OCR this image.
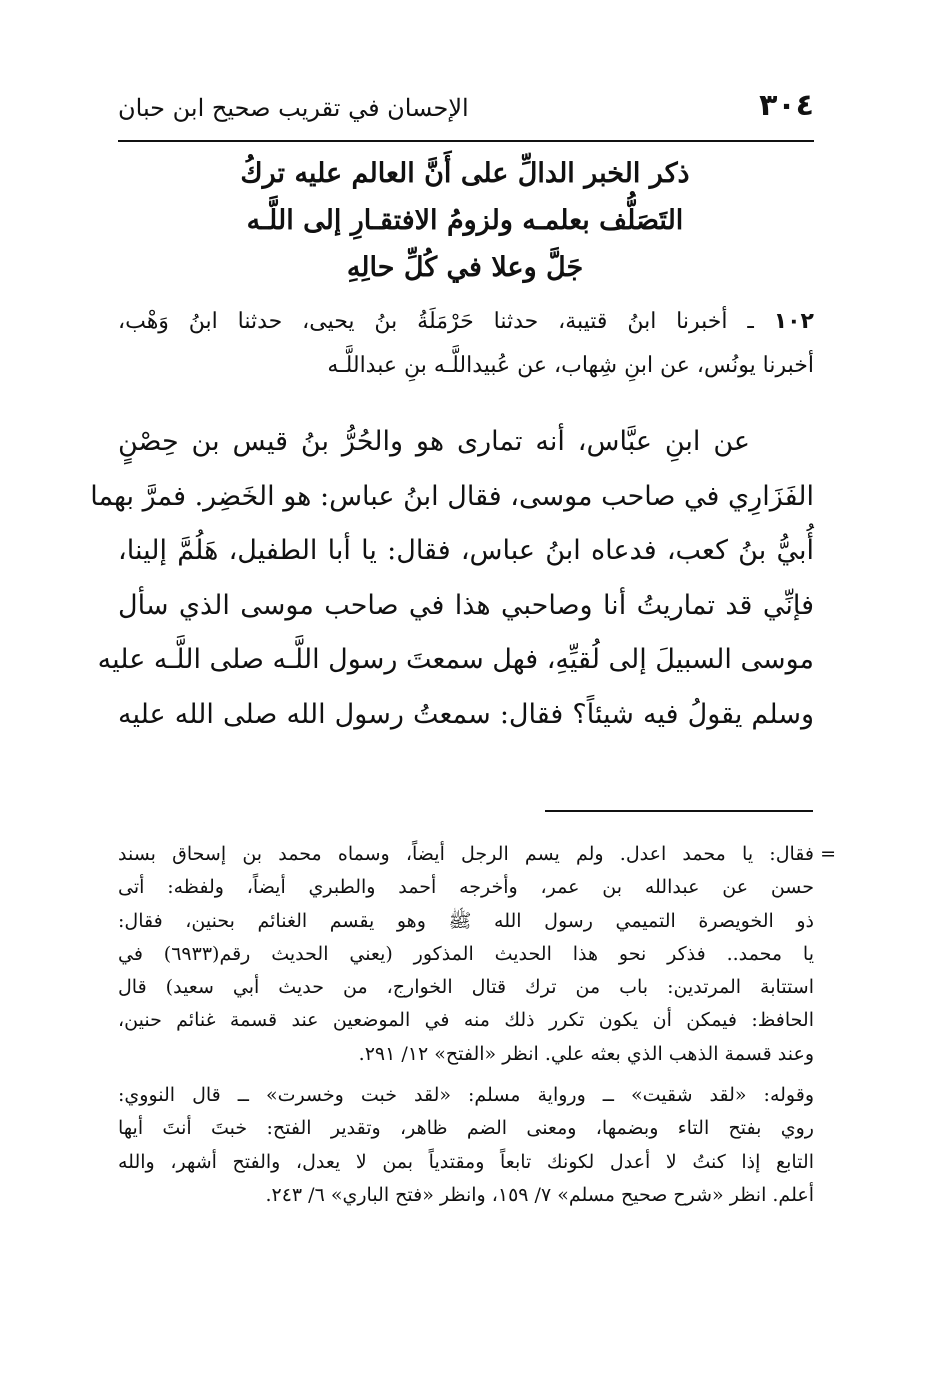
٣٠٤
الإحسان في تقريب صحيح ابن حبان
ذكر الخبر الدالِّ على أَنَّ العالم عليه تركُ
التَصَلُّف بعلمـه ولزومُ الافتقـارِ إلى اللَّـه
جَلَّ وعلا في كُلِّ حالِهِ
١٠٢ ـ أخبرنا ابنُ قتيبة، حدثنا حَرْمَلَةُ بنُ يحيى، حدثنا ابنُ وَهْب،
أخبرنا يونُس، عن ابنِ شِهاب، عن عُبيداللَّـه بنِ عبداللَّـه
عن ابنِ عبَّاس، أنه تمارى هو والحُرُّ بنُ قيس بن حِصْنٍ
الفَزَارِي في صاحب موسى، فقال ابنُ عباس: هو الخَضِر. فمرَّ بهما
أُبيُّ بنُ كعب، فدعاه ابنُ عباس، فقال: يا أبا الطفيل، هَلُمَّ إلينا،
فإنِّي قد تماريتُ أنا وصاحبي هذا في صاحب موسى الذي سأل
موسى السبيلَ إلى لُقيِّهِ، فهل سمعتَ رسول اللَّـه صلى اللَّـه عليه
وسلم يقولُ فيه شيئاً؟ فقال: سمعتُ رسول الله صلى الله عليه
=
فقال: يا محمد اعدل. ولم يسم الرجل أيضاً، وسماه محمد بن إسحاق بسند
حسن عن عبدالله بن عمر، وأخرجه أحمد والطبري أيضاً، ولفظه: أتى
ذو الخويصرة التميمي رسول الله ﷺ وهو يقسم الغنائم بحنين، فقال:
يا محمد.. فذكر نحو هذا الحديث المذكور (يعني الحديث رقم(٦٩٣٣) في
استتابة المرتدين: باب من ترك قتال الخوارج، من حديث أبي سعيد) قال
الحافظ: فيمكن أن يكون تكرر ذلك منه في الموضعين عند قسمة غنائم حنين،
وعند قسمة الذهب الذي بعثه علي. انظر «الفتح» ١٢/ ٢٩١.
وقوله: «لقد شقيت» ــ ورواية مسلم: «لقد خبت وخسرت» ــ قال النووي:
روي بفتح التاء وبضمها، ومعنى الضم ظاهر، وتقدير الفتح: خبتَ أنتَ أيها
التابع إذا كنتُ لا أعدل لكونك تابعاً ومقتدياً بمن لا يعدل، والفتح أشهر، والله
أعلم. انظر «شرح صحيح مسلم» ٧/ ١٥٩، وانظر «فتح الباري» ٦/ ٢٤٣.
